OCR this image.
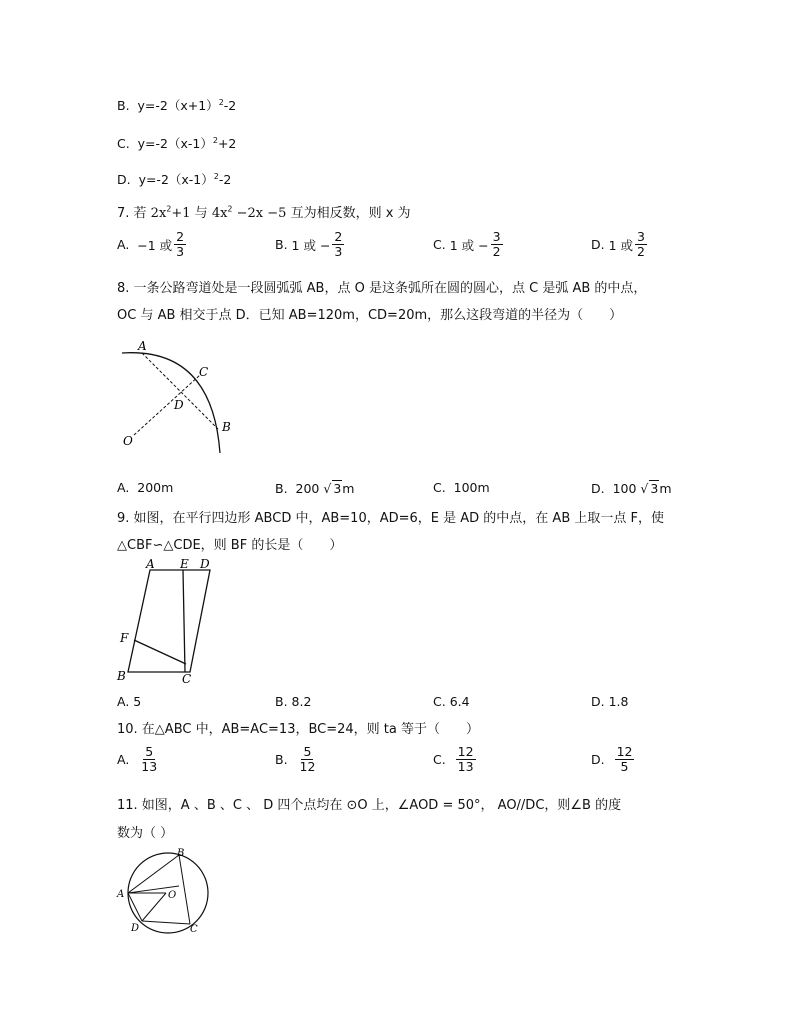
B. $y=-2(x+1)^2-2$
C. $y=-2(x-1)^2+2$
D. $y=-2(x-1)^2-2$
7. 若 $2x^2+1$ 与 $4x^2 -2x -5$ 互为相反数，则 x 为
A.
−1 或 $\frac{2}{3}$	B.
1 或 − $\frac{2}{3}$	C.
1 或 − $\frac{3}{2}$	D.
1 或 $\frac{3}{2}$
8. 一条公路弯道处是一段圆弧弧 AB，点 O 是这条弧所在圆的圆心，点 C 是弧 AB 的中点，
OC 与 AB 相交于点 D．已知 AB=120m，CD=20m，那么这段弯道的半径为（　　）
A
C
D
B
O
A.
200m	B.
200 √ 3 m	C.
100m	D.
100 √ 3 m
9. 如图，在平行四边形 ABCD 中，AB=10，AD=6，E 是 AD 的中点，在 AB 上取一点 F，使
△CBF∽△CDE，则 BF 的长是（　　）
A E D
F
B	C
A.
5	B.
8.2	C.
6.4	D.
1.8
10. 在△ABC 中，AB=AC=13，BC=24，则 ta 等于（　　）
A.
$\frac{5}{13}$	B.
$\frac{5}{12}$	C.
$\frac{12}{13}$	D.
$\frac{12}{5}$
11. 如图，A 、B 、C 、 D 四个点均在 ⊙O 上，∠AOD = 50°， AO//DC，则∠B 的度
数为（ ）
A
B
O
D	C
